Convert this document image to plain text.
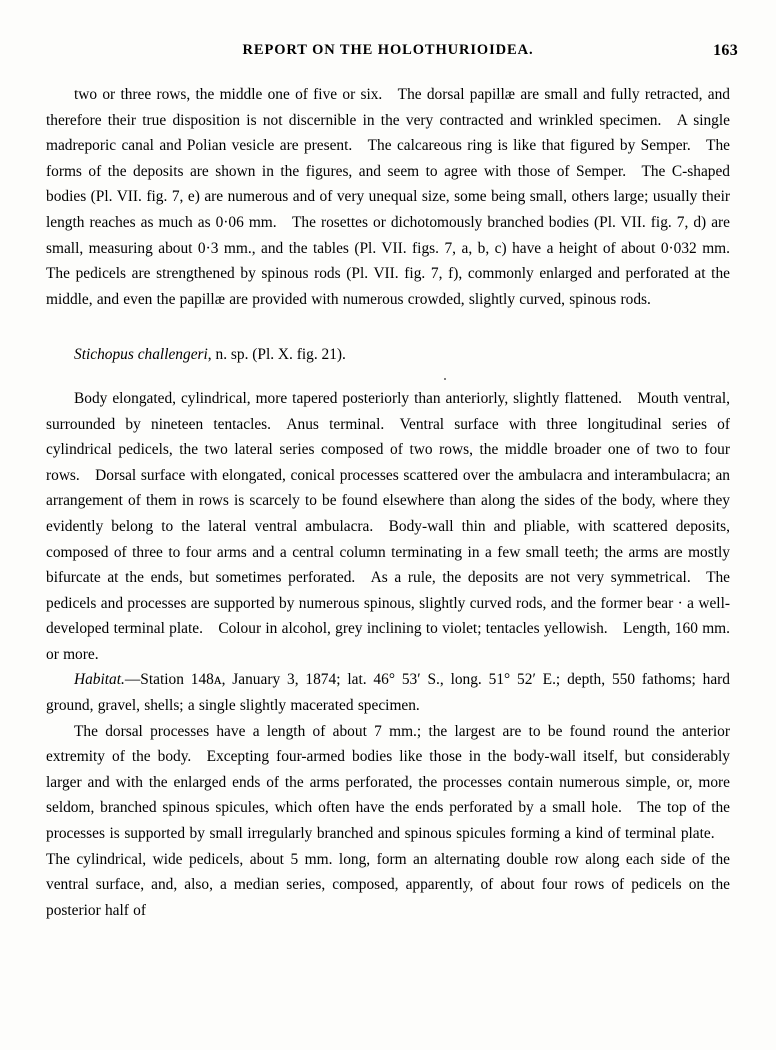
REPORT ON THE HOLOTHURIOIDEA.	163

two or three rows, the middle one of five or six. The dorsal papillæ are small and fully retracted, and therefore their true disposition is not discernible in the very contracted and wrinkled specimen. A single madreporic canal and Polian vesicle are present. The calcareous ring is like that figured by Semper. The forms of the deposits are shown in the figures, and seem to agree with those of Semper. The C-shaped bodies (Pl. VII. fig. 7, e) are numerous and of very unequal size, some being small, others large; usually their length reaches as much as 0·06 mm. The rosettes or dichotomously branched bodies (Pl. VII. fig. 7, d) are small, measuring about 0·3 mm., and the tables (Pl. VII. figs. 7, a, b, c) have a height of about 0·032 mm. The pedicels are strengthened by spinous rods (Pl. VII. fig. 7, f), commonly enlarged and perforated at the middle, and even the papillæ are provided with numerous crowded, slightly curved, spinous rods.

Stichopus challengeri, n. sp. (Pl. X. fig. 21).

Body elongated, cylindrical, more tapered posteriorly than anteriorly, slightly flattened. Mouth ventral, surrounded by nineteen tentacles. Anus terminal. Ventral surface with three longitudinal series of cylindrical pedicels, the two lateral series composed of two rows, the middle broader one of two to four rows. Dorsal surface with elongated, conical processes scattered over the ambulacra and interambulacra; an arrangement of them in rows is scarcely to be found elsewhere than along the sides of the body, where they evidently belong to the lateral ventral ambulacra. Body-wall thin and pliable, with scattered deposits, composed of three to four arms and a central column terminating in a few small teeth; the arms are mostly bifurcate at the ends, but sometimes perforated. As a rule, the deposits are not very symmetrical. The pedicels and processes are supported by numerous spinous, slightly curved rods, and the former bear · a well-developed terminal plate. Colour in alcohol, grey inclining to violet; tentacles yellowish. Length, 160 mm. or more.

Habitat.—Station 148ᴀ, January 3, 1874; lat. 46° 53′ S., long. 51° 52′ E.; depth, 550 fathoms; hard ground, gravel, shells; a single slightly macerated specimen.

The dorsal processes have a length of about 7 mm.; the largest are to be found round the anterior extremity of the body. Excepting four-armed bodies like those in the body-wall itself, but considerably larger and with the enlarged ends of the arms perforated, the processes contain numerous simple, or, more seldom, branched spinous spicules, which often have the ends perforated by a small hole. The top of the processes is supported by small irregularly branched and spinous spicules forming a kind of terminal plate. The cylindrical, wide pedicels, about 5 mm. long, form an alternating double row along each side of the ventral surface, and, also, a median series, composed, apparently, of about four rows of pedicels on the posterior half of
